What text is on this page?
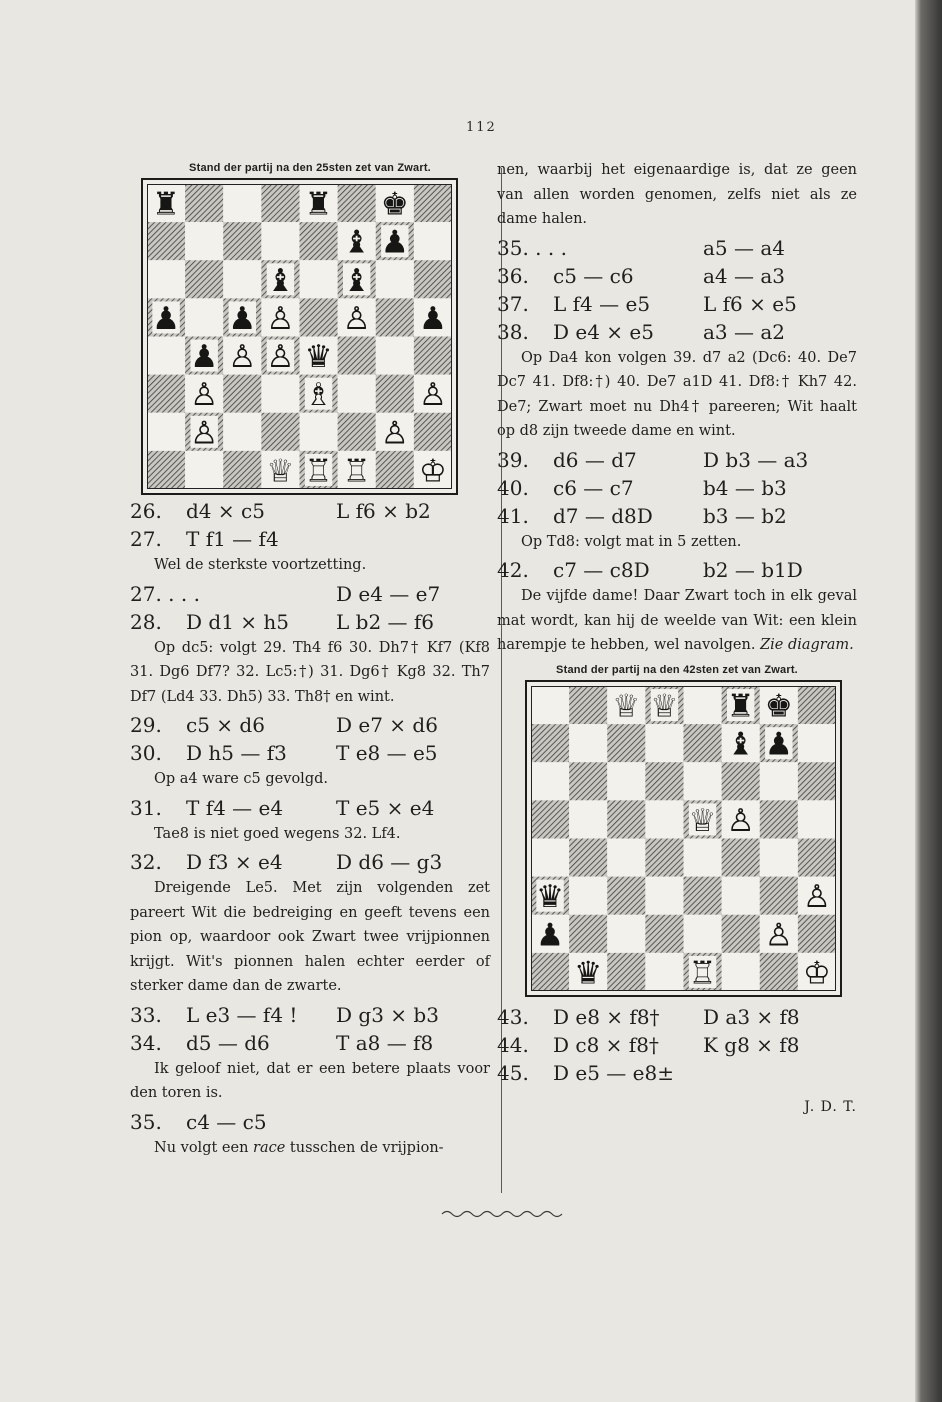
112
Stand der partij na den 25sten zet van Zwart.
♜	♜ ♚
♝ ♟
♝ ♝
♟ ♟ ♙ ♙ ♟
♟ ♙ ♙ ♛
♙	♗	♙
♙	♙
♕ ♖ ♖ ♔
26.	d4 × c5	L f6 × b2
27.	T f1 — f4
Wel de sterkste voortzetting.
27. . . .	D e4 — e7
28.	D d1 × h5	L b2 — f6
Op dc5: volgt 29. Th4 f6 30. Dh7† Kf7 (Kf8 31. Dg6 Df7? 32. Lc5:†) 31. Dg6† Kg8 32. Th7 Df7 (Ld4 33. Dh5) 33. Th8† en wint.
29.	c5 × d6	D e7 × d6
30.	D h5 — f3	T e8 — e5
Op a4 ware c5 gevolgd.
31.	T f4 — e4	T e5 × e4
Tae8 is niet goed wegens 32. Lf4.
32.	D f3 × e4	D d6 — g3
Dreigende Le5. Met zijn volgenden zet pareert Wit die bedreiging en geeft tevens een pion op, waardoor ook Zwart twee vrijpionnen krijgt. Wit's pionnen halen echter eerder of sterker dame dan de zwarte.
33.	L e3 — f4 !	D g3 × b3
34.	d5 — d6	T a8 — f8
Ik geloof niet, dat er een betere plaats voor den toren is.
35.	c4 — c5
Nu volgt een race tusschen de vrijpion-
nen, waarbij het eigenaardige is, dat ze geen van allen worden genomen, zelfs niet als ze dame halen.
35. . . .	a5 — a4
36.	c5 — c6	a4 — a3
37.	L f4 — e5	L f6 × e5
38.	D e4 × e5	a3 — a2
Op Da4 kon volgen 39. d7 a2 (Dc6: 40. De7 Dc7 41. Df8:†) 40. De7 a1D 41. Df8:† Kh7 42. De7; Zwart moet nu Dh4† pareeren; Wit haalt op d8 zijn tweede dame en wint.
39.	d6 — d7	D b3 — a3
40.	c6 — c7	b4 — b3
41.	d7 — d8D	b3 — b2
Op Td8: volgt mat in 5 zetten.
42.	c7 — c8D	b2 — b1D
De vijfde dame! Daar Zwart toch in elk geval mat wordt, kan hij de weelde van Wit: een klein harempje te hebben, wel navolgen. Zie diagram.
Stand der partij na den 42sten zet van Zwart.
♕ ♕ ♜ ♚
♝ ♟
♕ ♙
♛	♙
♟	♙
♛	♖	♔
43.	D e8 × f8†	D a3 × f8
44.	D c8 × f8†	K g8 × f8
45.	D e5 — e8±
J. D. T.
